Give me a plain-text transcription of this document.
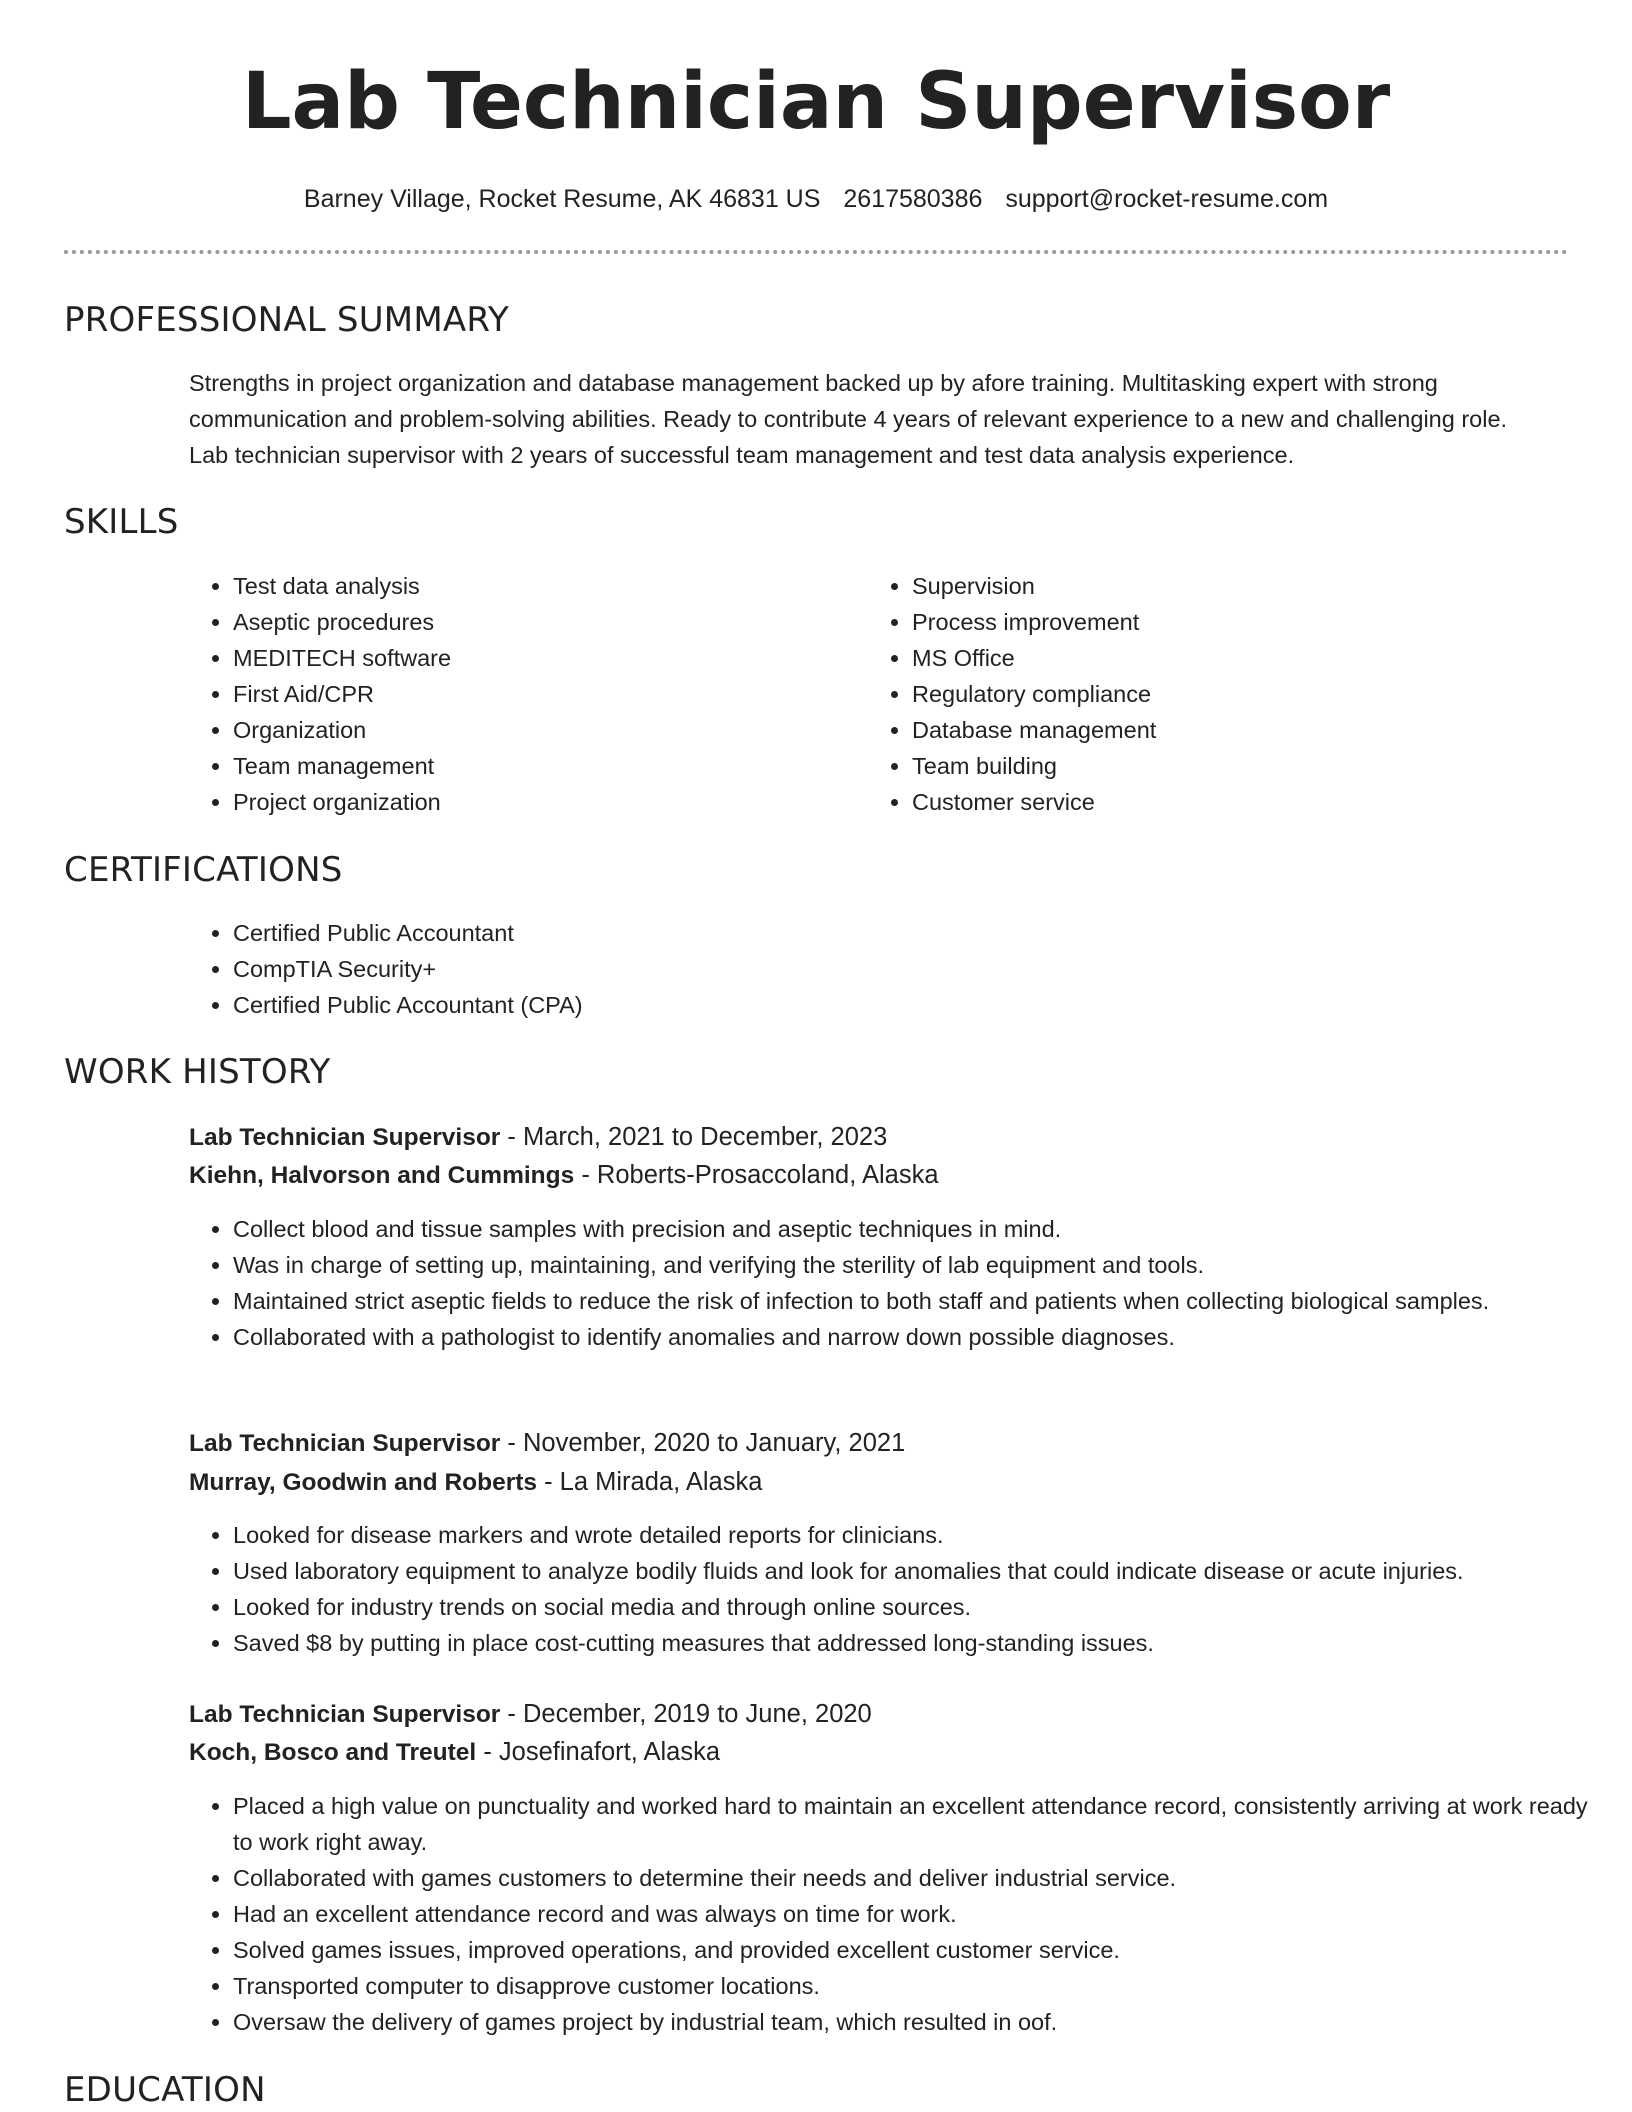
Lab Technician Supervisor
Barney Village, Rocket Resume, AK 46831 US 2617580386 support@rocket-resume.com
PROFESSIONAL SUMMARY

Strengths in project organization and database management backed up by afore training. Multitasking expert with strong communication and problem-solving abilities. Ready to contribute 4 years of relevant experience to a new and challenging role. Lab technician supervisor with 2 years of successful team management and test data analysis experience.

SKILLS
• Test data analysis
• Aseptic procedures
• MEDITECH software
• First Aid/CPR
• Organization
• Team management
• Project organization
• Supervision
• Process improvement
• MS Office
• Regulatory compliance
• Database management
• Team building
• Customer service
CERTIFICATIONS
• Certified Public Accountant
• CompTIA Security+
• Certified Public Accountant (CPA)
WORK HISTORY
Lab Technician Supervisor - March, 2021 to December, 2023
Kiehn, Halvorson and Cummings - Roberts-Prosaccoland, Alaska
• Collect blood and tissue samples with precision and aseptic techniques in mind.
• Was in charge of setting up, maintaining, and verifying the sterility of lab equipment and tools.
• Maintained strict aseptic fields to reduce the risk of infection to both staff and patients when collecting biological samples.
• Collaborated with a pathologist to identify anomalies and narrow down possible diagnoses.
Lab Technician Supervisor - November, 2020 to January, 2021
Murray, Goodwin and Roberts - La Mirada, Alaska
• Looked for disease markers and wrote detailed reports for clinicians.
• Used laboratory equipment to analyze bodily fluids and look for anomalies that could indicate disease or acute injuries.
• Looked for industry trends on social media and through online sources.
• Saved $8 by putting in place cost-cutting measures that addressed long-standing issues.
Lab Technician Supervisor - December, 2019 to June, 2020
Koch, Bosco and Treutel - Josefinafort, Alaska
• Placed a high value on punctuality and worked hard to maintain an excellent attendance record, consistently arriving at work ready to work right away.
• Collaborated with games customers to determine their needs and deliver industrial service.
• Had an excellent attendance record and was always on time for work.
• Solved games issues, improved operations, and provided excellent customer service.
• Transported computer to disapprove customer locations.
• Oversaw the delivery of games project by industrial team, which resulted in oof.
EDUCATION
